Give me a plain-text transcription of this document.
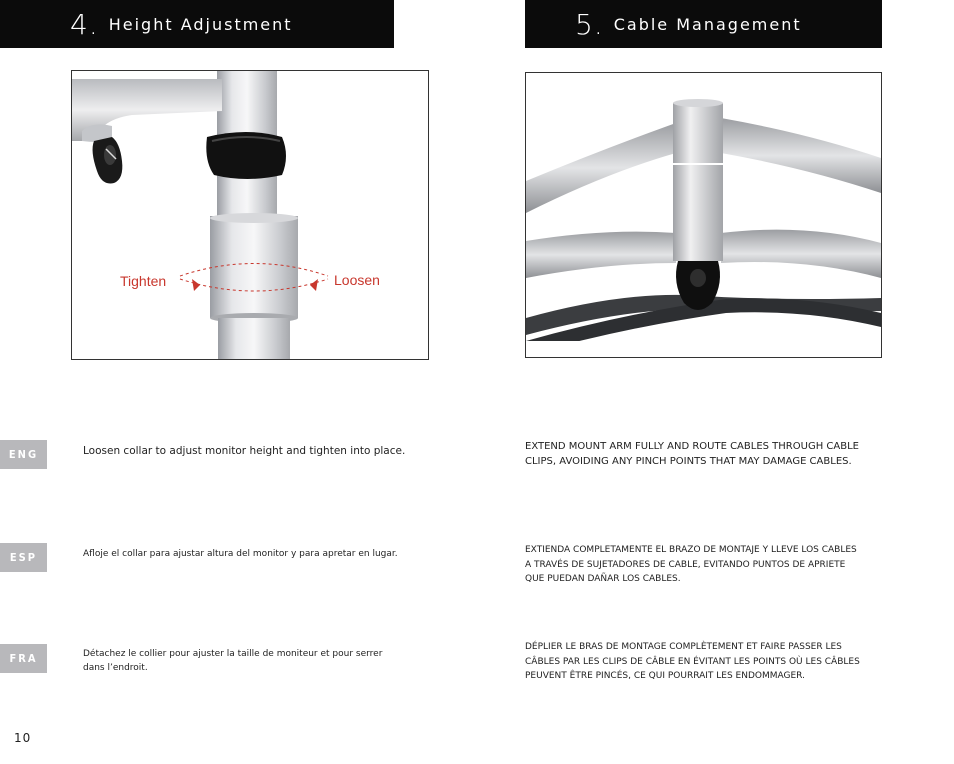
4. Height Adjustment	5. Cable Management
Tighten	Loosen
ENG
ESP
FRA
Loosen collar to adjust monitor height and tighten into place.
Afloje el collar para ajustar altura del monitor y para apretar en lugar.
Détachez le collier pour ajuster la taille de moniteur et pour serrer
dans l’endroit.
EXTEND MOUNT ARM FULLY AND ROUTE CABLES THROUGH CABLE
CLIPS, AVOIDING ANY PINCH POINTS THAT MAY DAMAGE CABLES.
EXTIENDA COMPLETAMENTE EL BRAZO DE MONTAJE Y LLEVE LOS CABLES
A TRAVÉS DE SUJETADORES DE CABLE, EVITANDO PUNTOS DE APRIETE
QUE PUEDAN DAÑAR LOS CABLES.
DÉPLIER LE BRAS DE MONTAGE COMPLÈTEMENT ET FAIRE PASSER LES
CÂBLES PAR LES CLIPS DE CÂBLE EN ÉVITANT LES POINTS OÙ LES CÂBLES
PEUVENT ÊTRE PINCÉS, CE QUI POURRAIT LES ENDOMMAGER.
10
